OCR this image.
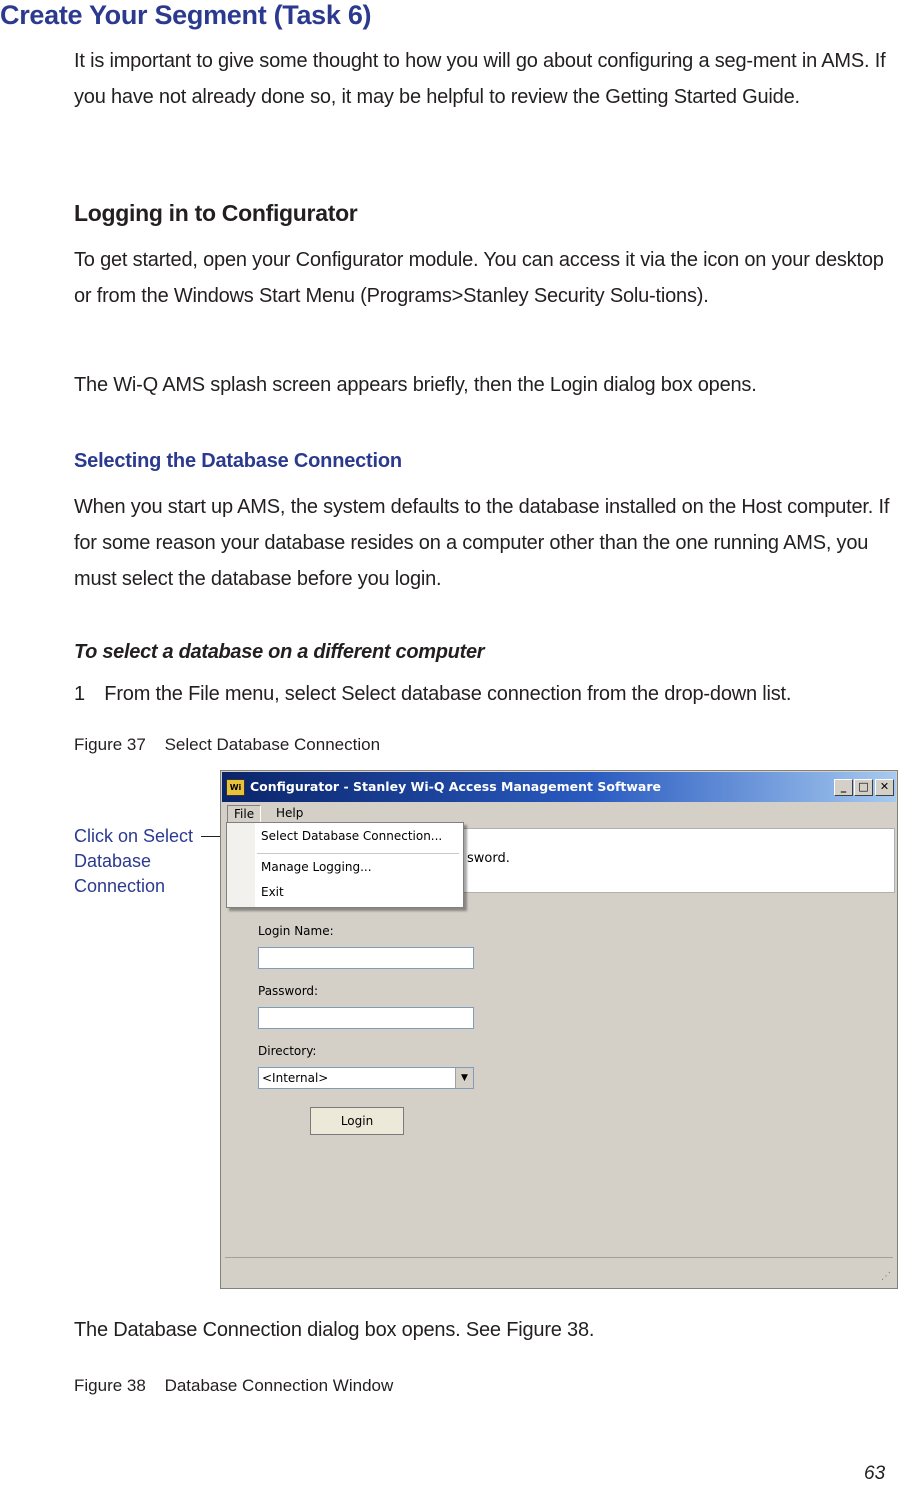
Create Your Segment (Task 6)
It is important to give some thought to how you will go about configuring a seg-ment in AMS. If you have not already done so, it may be helpful to review the Getting Started Guide.
Logging in to Configurator
To get started, open your Configurator module. You can access it via the icon on your desktop or from the Windows Start Menu (Programs>Stanley Security Solu-tions).
The Wi-Q AMS splash screen appears briefly, then the Login dialog box opens.
Selecting the Database Connection
When you start up AMS, the system defaults to the database installed on the Host computer. If for some reason your database resides on a computer other than the one running AMS, you must select the database before you login.
To select a database on a different computer
1 From the File menu, select Select database connection from the drop-down list.
Figure 37 Select Database Connection
Click on Select
Database
Connection
Wi Configurator - Stanley Wi-Q Access Management Software	_	□	✕
File	Help
sword.
Select Database Connection...
Manage Logging...
Exit
Login Name:
Password:
Directory:
<Internal>	▼
Login
⋰
The Database Connection dialog box opens. See Figure 38.
Figure 38 Database Connection Window
63
